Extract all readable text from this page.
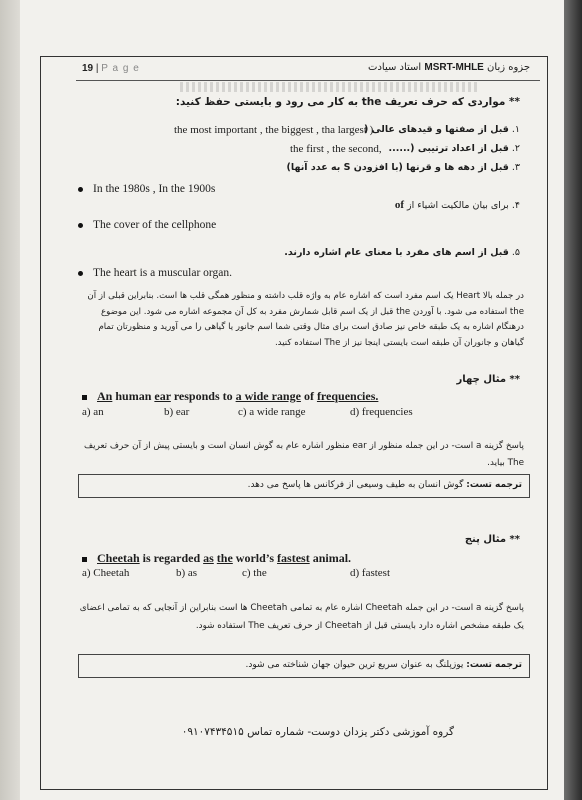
19 | P a g e	جزوه زبان MSRT-MHLE استاد سیادت
** مواردی که حرف تعریف the به کار می رود و بایستی حفظ کنید:
۱. قبل از صفتها و قیدهای عالی (
the most important , the biggest , tha largest )
۲. قبل از اعداد ترتیبی (......
the first , the second,
۳. قبل از دهه ها و قرنها (با افزودن S به عدد آنها)
In the 1980s , In the 1900s
۴. برای بیان مالکیت اشیاء از of
The cover of the cellphone
۵. قبل از اسم های مفرد با معنای عام اشاره دارند.
The heart is a muscular organ.
در جمله بالا Heart یک اسم مفرد است که اشاره عام به واژه قلب داشته و منظور همگی قلب ها است. بنابراین قبلی از آن the استفاده می شود. با آوردن the قبل از یک اسم قابل شمارش مفرد به کل آن مجموعه اشاره می شود. این موضوع درهنگام اشاره به یک طبقه خاص نیز صادق است برای مثال وقتی شما اسم جانور یا گیاهی را می آورید و منظورتان تمام گیاهان و جانوران آن طبقه است بایستی اینجا نیز از The استفاده کنید.
** مثال چهار
An human ear responds to a wide range of frequencies.
a) an	b) ear	c) a wide range	d) frequencies
پاسخ گزینه a است- در این جمله منظور از ear منظور اشاره عام به گوش انسان است و بایستی پیش از آن حرف تعریف The بیاید.
ترجمه تست: گوش انسان به طیف وسیعی از فرکانس ها پاسخ می دهد.
** مثال پنج
Cheetah is regarded as the world’s fastest animal.
a) Cheetah	b) as	c) the	d) fastest
پاسخ گزینه a است- در این جمله Cheetah اشاره عام به تمامی Cheetah ها است بنابراین از آنجایی که به تمامی اعضای یک طبقه مشخص اشاره دارد بایستی قبل از Cheetah از حرف تعریف The استفاده شود.
ترجمه تست: یوزپلنگ به عنوان سریع ترین حیوان جهان شناخته می شود.
گروه آموزشی دکتر یزدان دوست- شماره تماس ۰۹۱۰۷۴۳۴۵۱۵
